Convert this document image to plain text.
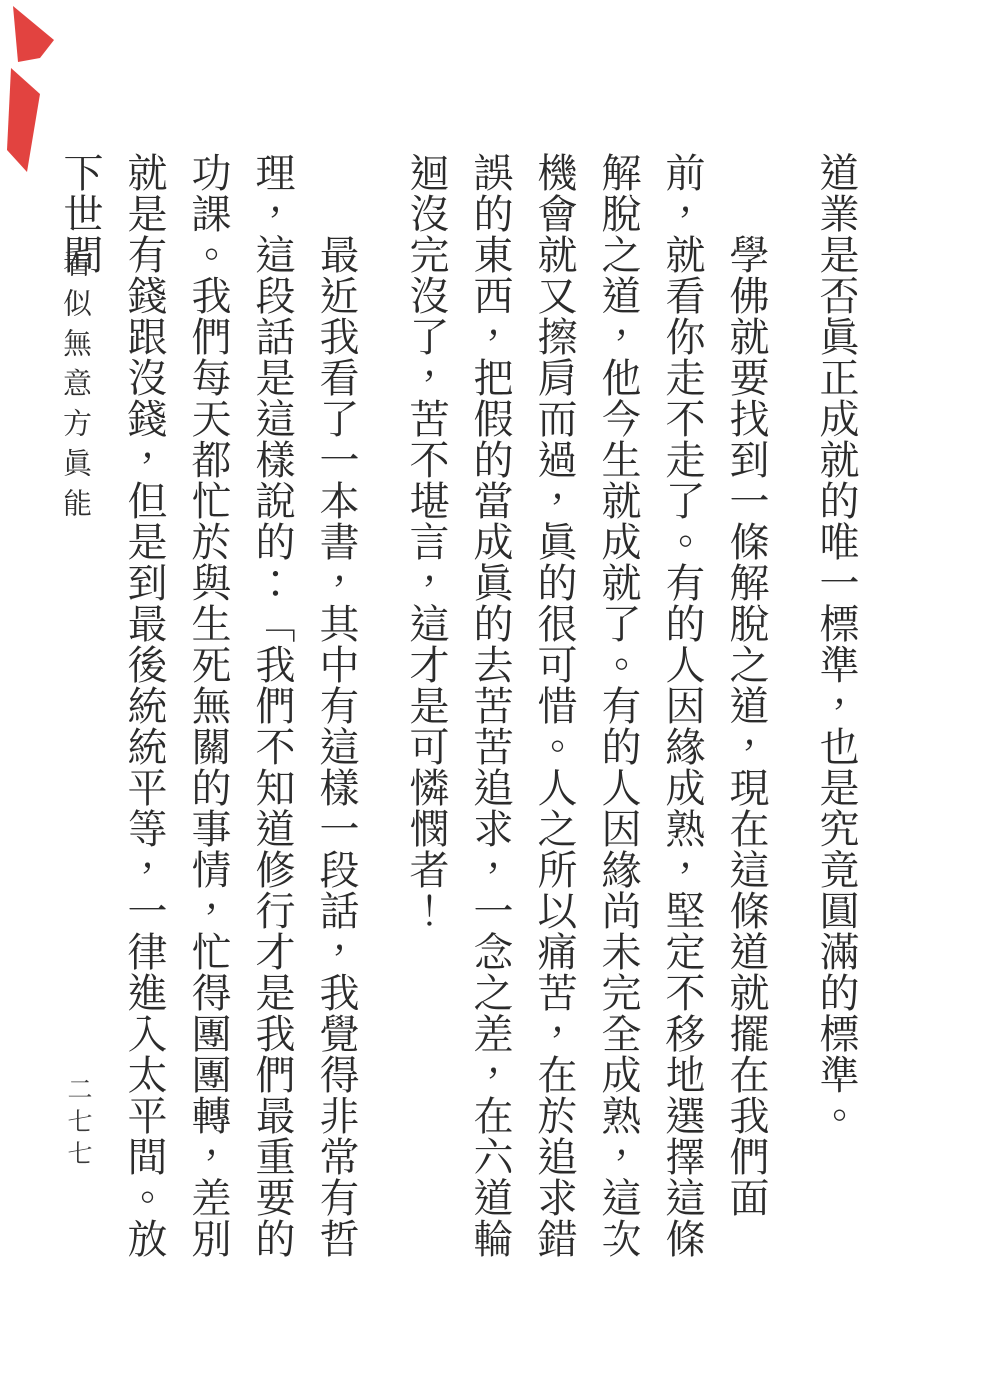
道業是否眞正成就的唯一標準，也是究竟圓滿的標準。

學佛就要找到一條解脫之道，現在這條道就擺在我們面前，就看你走不走了。有的人因緣成熟，堅定不移地選擇這條解脫之道，他今生就成就了。有的人因緣尚未完全成熟，這次機會就又擦肩而過，眞的很可惜。人之所以痛苦，在於追求錯誤的東西，把假的當成眞的去苦苦追求，一念之差，在六道輪迴沒完沒了，苦不堪言，這才是可憐憫者！

最近我看了一本書，其中有這樣一段話，我覺得非常有哲理，這段話是這樣說的：「我們不知道修行才是我們最重要的功課。我們每天都忙於與生死無關的事情，忙得團團轉，差別就是有錢跟沒錢，但是到最後統統平等，一律進入太平間。放下世間

看似無意方眞能
二七七
